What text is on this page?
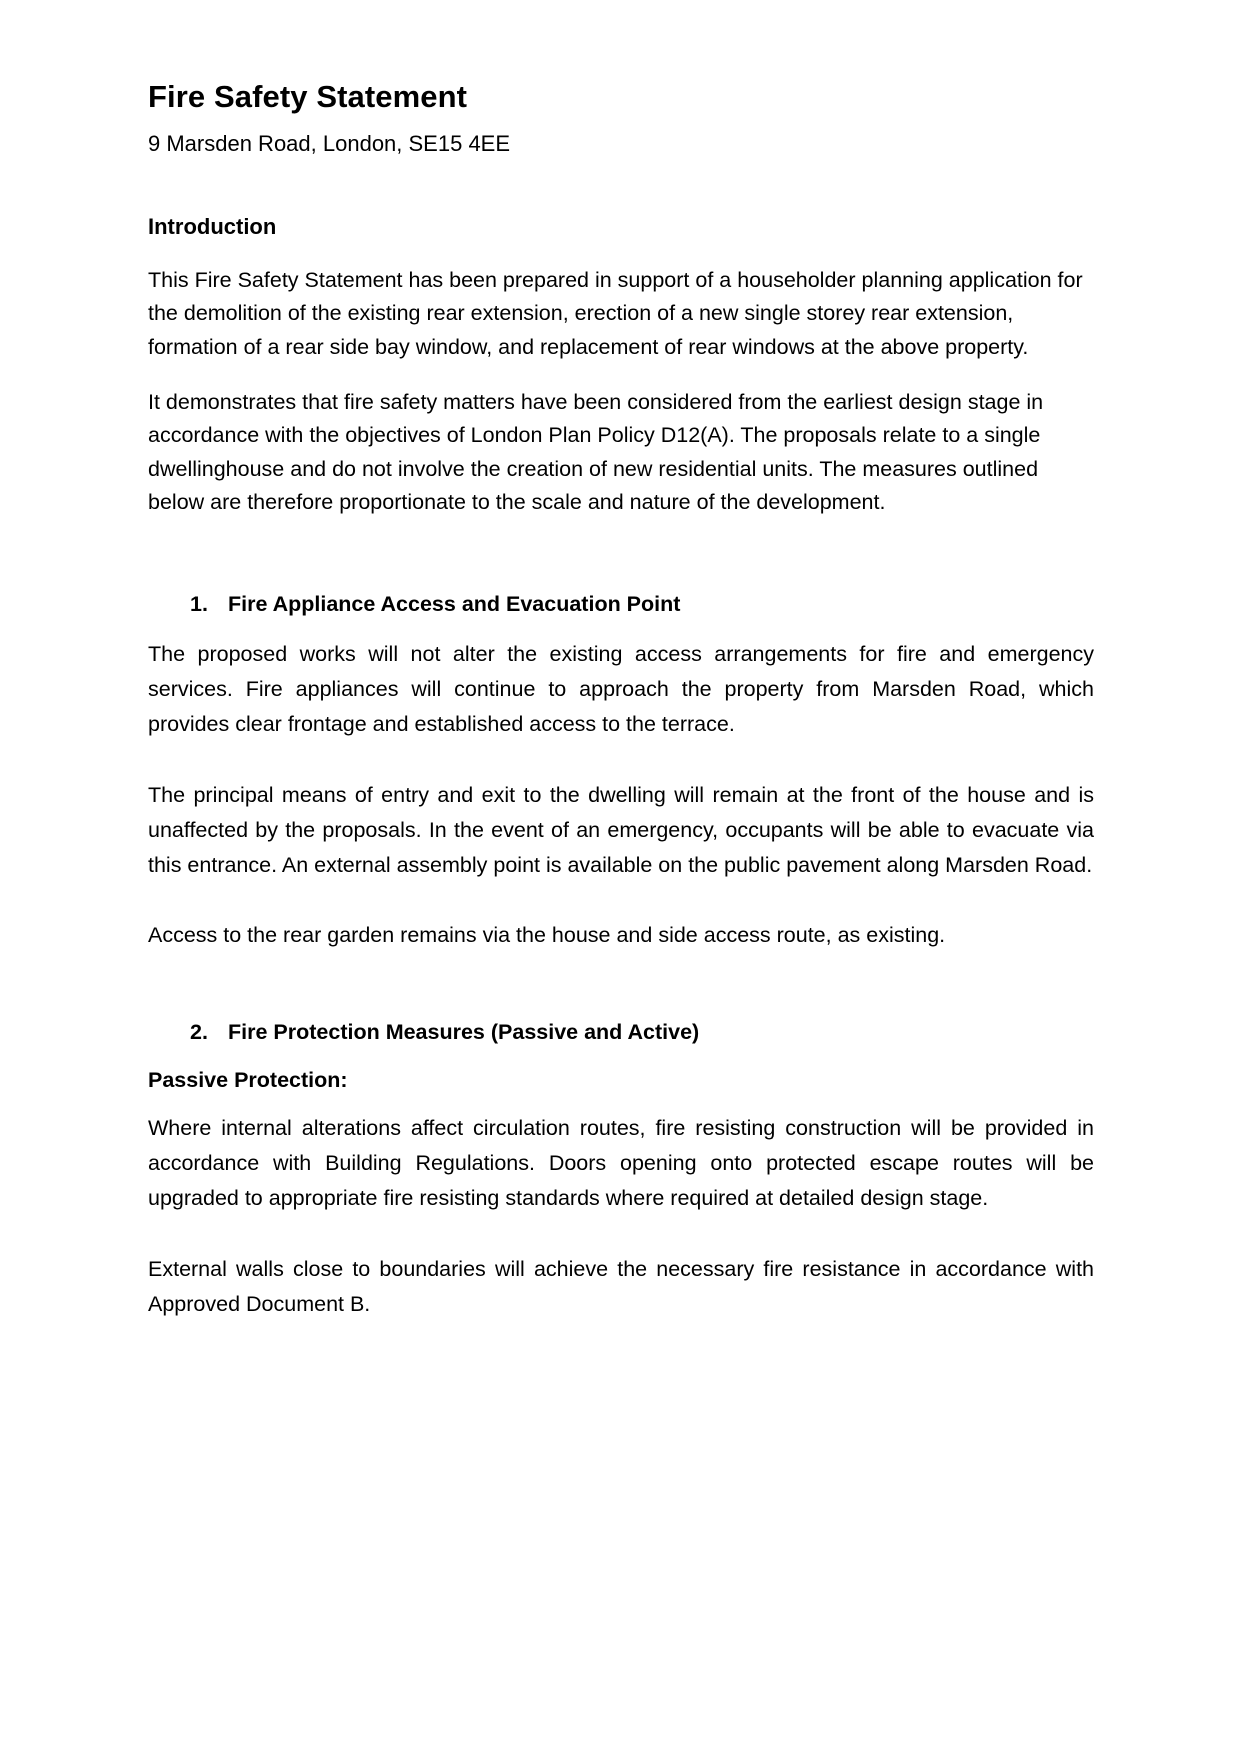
Fire Safety Statement
9 Marsden Road, London, SE15 4EE
Introduction

This Fire Safety Statement has been prepared in support of a householder planning application for the demolition of the existing rear extension, erection of a new single storey rear extension, formation of a rear side bay window, and replacement of rear windows at the above property.

It demonstrates that fire safety matters have been considered from the earliest design stage in accordance with the objectives of London Plan Policy D12(A). The proposals relate to a single dwellinghouse and do not involve the creation of new residential units. The measures outlined below are therefore proportionate to the scale and nature of the development.

1. Fire Appliance Access and Evacuation Point

The proposed works will not alter the existing access arrangements for fire and emergency services. Fire appliances will continue to approach the property from Marsden Road, which provides clear frontage and established access to the terrace.

The principal means of entry and exit to the dwelling will remain at the front of the house and is unaffected by the proposals. In the event of an emergency, occupants will be able to evacuate via this entrance. An external assembly point is available on the public pavement along Marsden Road.

Access to the rear garden remains via the house and side access route, as existing.

2. Fire Protection Measures (Passive and Active)
Passive Protection:

Where internal alterations affect circulation routes, fire resisting construction will be provided in accordance with Building Regulations. Doors opening onto protected escape routes will be upgraded to appropriate fire resisting standards where required at detailed design stage.

External walls close to boundaries will achieve the necessary fire resistance in accordance with Approved Document B.
